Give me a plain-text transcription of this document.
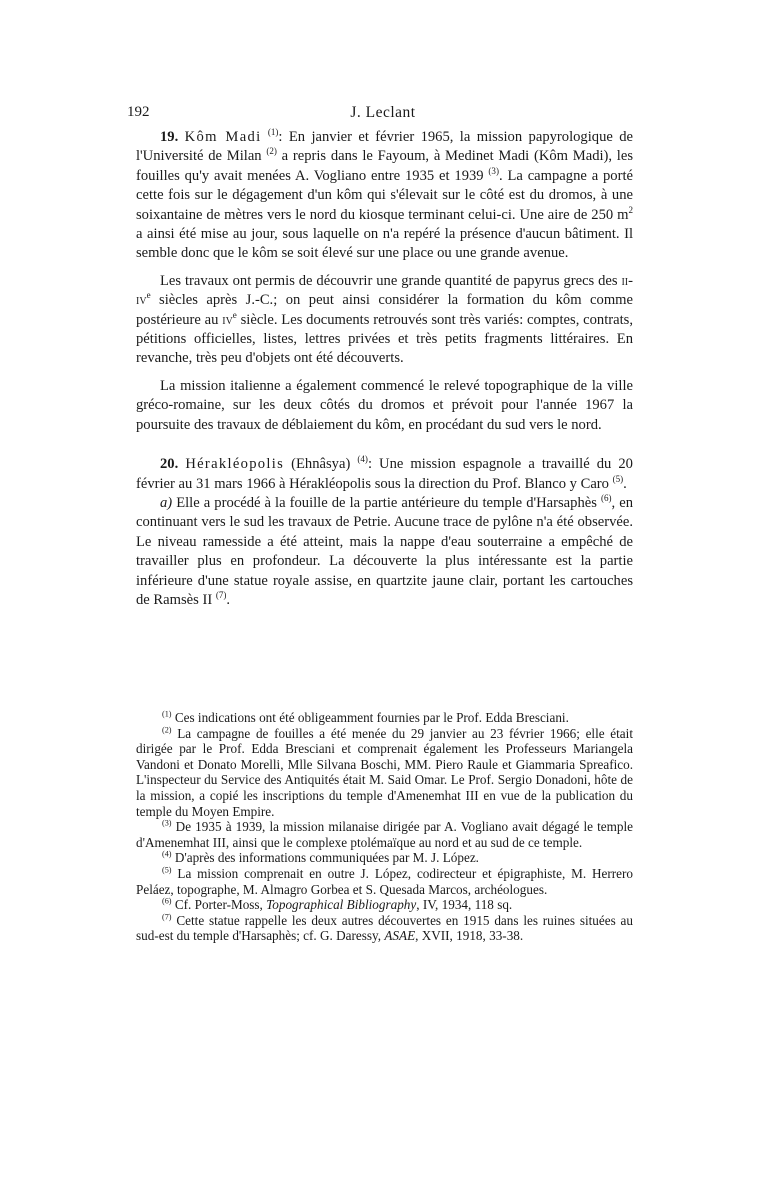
192	J. Leclant

19. Kôm Madi $^{(1)}$: En janvier et février 1965, la mission papyrologique de l'Université de Milan $^{(2)}$ a repris dans le Fayoum, à Medinet Madi (Kôm Madi), les fouilles qu'y avait menées A. Vogliano entre 1935 et 1939 $^{(3)}$. La campagne a porté cette fois sur le dégagement d'un kôm qui s'élevait sur le côté est du dromos, à une soixantaine de mètres vers le nord du kiosque terminant celui-ci. Une aire de 250 $m^2$ a ainsi été mise au jour, sous laquelle on n'a repéré la présence d'aucun bâtiment. Il semble donc que le kôm se soit élevé sur une place ou une grande avenue.

Les travaux ont permis de découvrir une grande quantité de papyrus grecs des $ii-iv^e$ siècles après J.-C.; on peut ainsi considérer la formation du kôm comme postérieure au $iv^e$ siècle. Les documents retrouvés sont très variés: comptes, contrats, pétitions officielles, listes, lettres privées et très petits fragments littéraires. En revanche, très peu d'objets ont été découverts.

La mission italienne a également commencé le relevé topographique de la ville gréco-romaine, sur les deux côtés du dromos et prévoit pour l'année 1967 la poursuite des travaux de déblaiement du kôm, en procédant du sud vers le nord.

20. Hérakléopolis (Ehnâsya) $^{(4)}$: Une mission espagnole a travaillé du 20 février au 31 mars 1966 à Hérakléopolis sous la direction du Prof. Blanco y Caro $^{(5)}$.

a) Elle a procédé à la fouille de la partie antérieure du temple d'Harsaphès $^{(6)}$, en continuant vers le sud les travaux de Petrie. Aucune trace de pylône n'a été observée. Le niveau ramesside a été atteint, mais la nappe d'eau souterraine a empêché de travailler plus en profondeur. La découverte la plus intéressante est la partie inférieure d'une statue royale assise, en quartzite jaune clair, portant les cartouches de Ramsès II $^{(7)}$.

$^{(1)}$ Ces indications ont été obligeamment fournies par le Prof. Edda Bresciani.

$^{(2)}$ La campagne de fouilles a été menée du 29 janvier au 23 février 1966; elle était dirigée par le Prof. Edda Bresciani et comprenait également les Professeurs Mariangela Vandoni et Donato Morelli, Mlle Silvana Boschi, MM. Piero Raule et Giammaria Spreafico. L'inspecteur du Service des Antiquités était M. Said Omar. Le Prof. Sergio Donadoni, hôte de la mission, a copié les inscriptions du temple d'Amenemhat III en vue de la publication du temple du Moyen Empire.

$^{(3)}$ De 1935 à 1939, la mission milanaise dirigée par A. Vogliano avait dégagé le temple d'Amenemhat III, ainsi que le complexe ptolémaïque au nord et au sud de ce temple.

$^{(4)}$ D'après des informations communiquées par M. J. López.

$^{(5)}$ La mission comprenait en outre J. López, codirecteur et épigraphiste, M. Herrero Peláez, topographe, M. Almagro Gorbea et S. Quesada Marcos, archéologues.

$^{(6)}$ Cf. Porter-Moss, Topographical Bibliography, IV, 1934, 118 sq.

$^{(7)}$ Cette statue rappelle les deux autres découvertes en 1915 dans les ruines situées au sud-est du temple d'Harsaphès; cf. G. Daressy, ASAE, XVII, 1918, 33-38.
